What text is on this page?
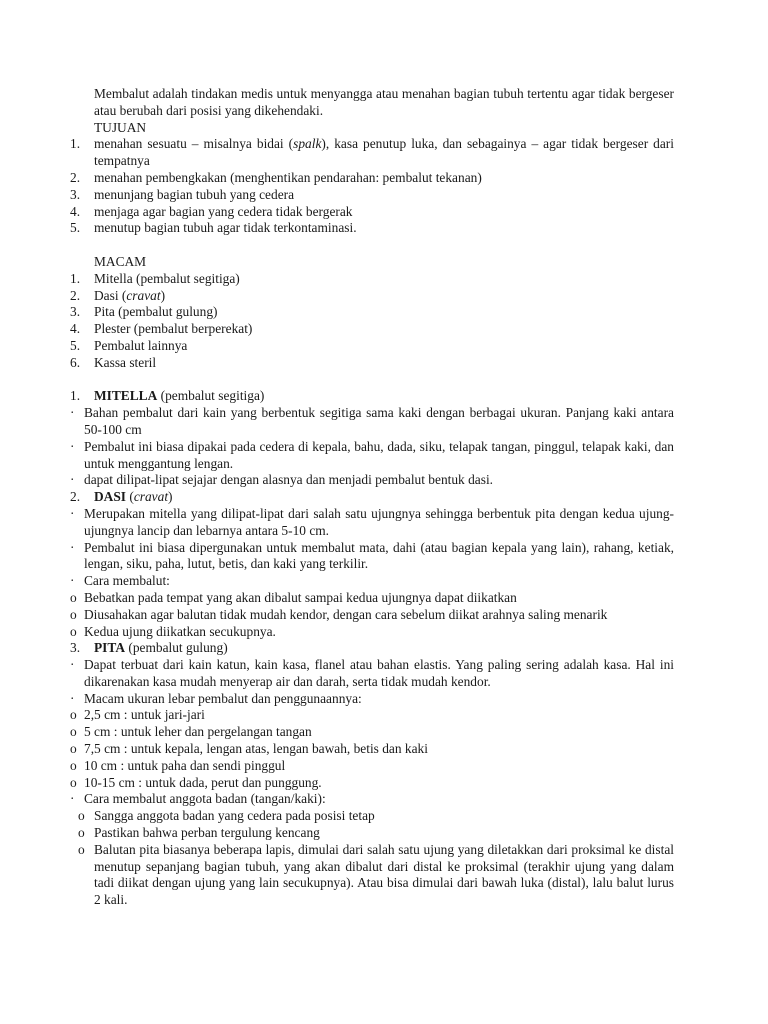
Membalut adalah tindakan medis untuk menyangga atau menahan bagian tubuh tertentu agar tidak bergeser atau berubah dari posisi yang dikehendaki.
TUJUAN
1. menahan sesuatu – misalnya bidai (spalk), kasa penutup luka, dan sebagainya – agar tidak bergeser dari tempatnya
2. menahan pembengkakan (menghentikan pendarahan: pembalut tekanan)
3. menunjang bagian tubuh yang cedera
4. menjaga agar bagian yang cedera tidak bergerak
5. menutup bagian tubuh agar tidak terkontaminasi.
MACAM
1. Mitella (pembalut segitiga)
2. Dasi (cravat)
3. Pita (pembalut gulung)
4. Plester (pembalut berperekat)
5. Pembalut lainnya
6. Kassa steril
1. MITELLA (pembalut segitiga)
· Bahan pembalut dari kain yang berbentuk segitiga sama kaki dengan berbagai ukuran. Panjang kaki antara 50-100 cm
· Pembalut ini biasa dipakai pada cedera di kepala, bahu, dada, siku, telapak tangan, pinggul, telapak kaki, dan untuk menggantung lengan.
· dapat dilipat-lipat sejajar dengan alasnya dan menjadi pembalut bentuk dasi.
2. DASI (cravat)
· Merupakan mitella yang dilipat-lipat dari salah satu ujungnya sehingga berbentuk pita dengan kedua ujung-ujungnya lancip dan lebarnya antara 5-10 cm.
· Pembalut ini biasa dipergunakan untuk membalut mata, dahi (atau bagian kepala yang lain), rahang, ketiak, lengan, siku, paha, lutut, betis, dan kaki yang terkilir.
· Cara membalut:
o Bebatkan pada tempat yang akan dibalut sampai kedua ujungnya dapat diikatkan
o Diusahakan agar balutan tidak mudah kendor, dengan cara sebelum diikat arahnya saling menarik
o Kedua ujung diikatkan secukupnya.
3. PITA (pembalut gulung)
· Dapat terbuat dari kain katun, kain kasa, flanel atau bahan elastis. Yang paling sering adalah kasa. Hal ini dikarenakan kasa mudah menyerap air dan darah, serta tidak mudah kendor.
· Macam ukuran lebar pembalut dan penggunaannya:
o 2,5 cm : untuk jari-jari
o 5 cm : untuk leher dan pergelangan tangan
o 7,5 cm : untuk kepala, lengan atas, lengan bawah, betis dan kaki
o 10 cm : untuk paha dan sendi pinggul
o 10-15 cm : untuk dada, perut dan punggung.
· Cara membalut anggota badan (tangan/kaki):
o Sangga anggota badan yang cedera pada posisi tetap
o Pastikan bahwa perban tergulung kencang
o Balutan pita biasanya beberapa lapis, dimulai dari salah satu ujung yang diletakkan dari proksimal ke distal menutup sepanjang bagian tubuh, yang akan dibalut dari distal ke proksimal (terakhir ujung yang dalam tadi diikat dengan ujung yang lain secukupnya). Atau bisa dimulai dari bawah luka (distal), lalu balut lurus 2 kali.
